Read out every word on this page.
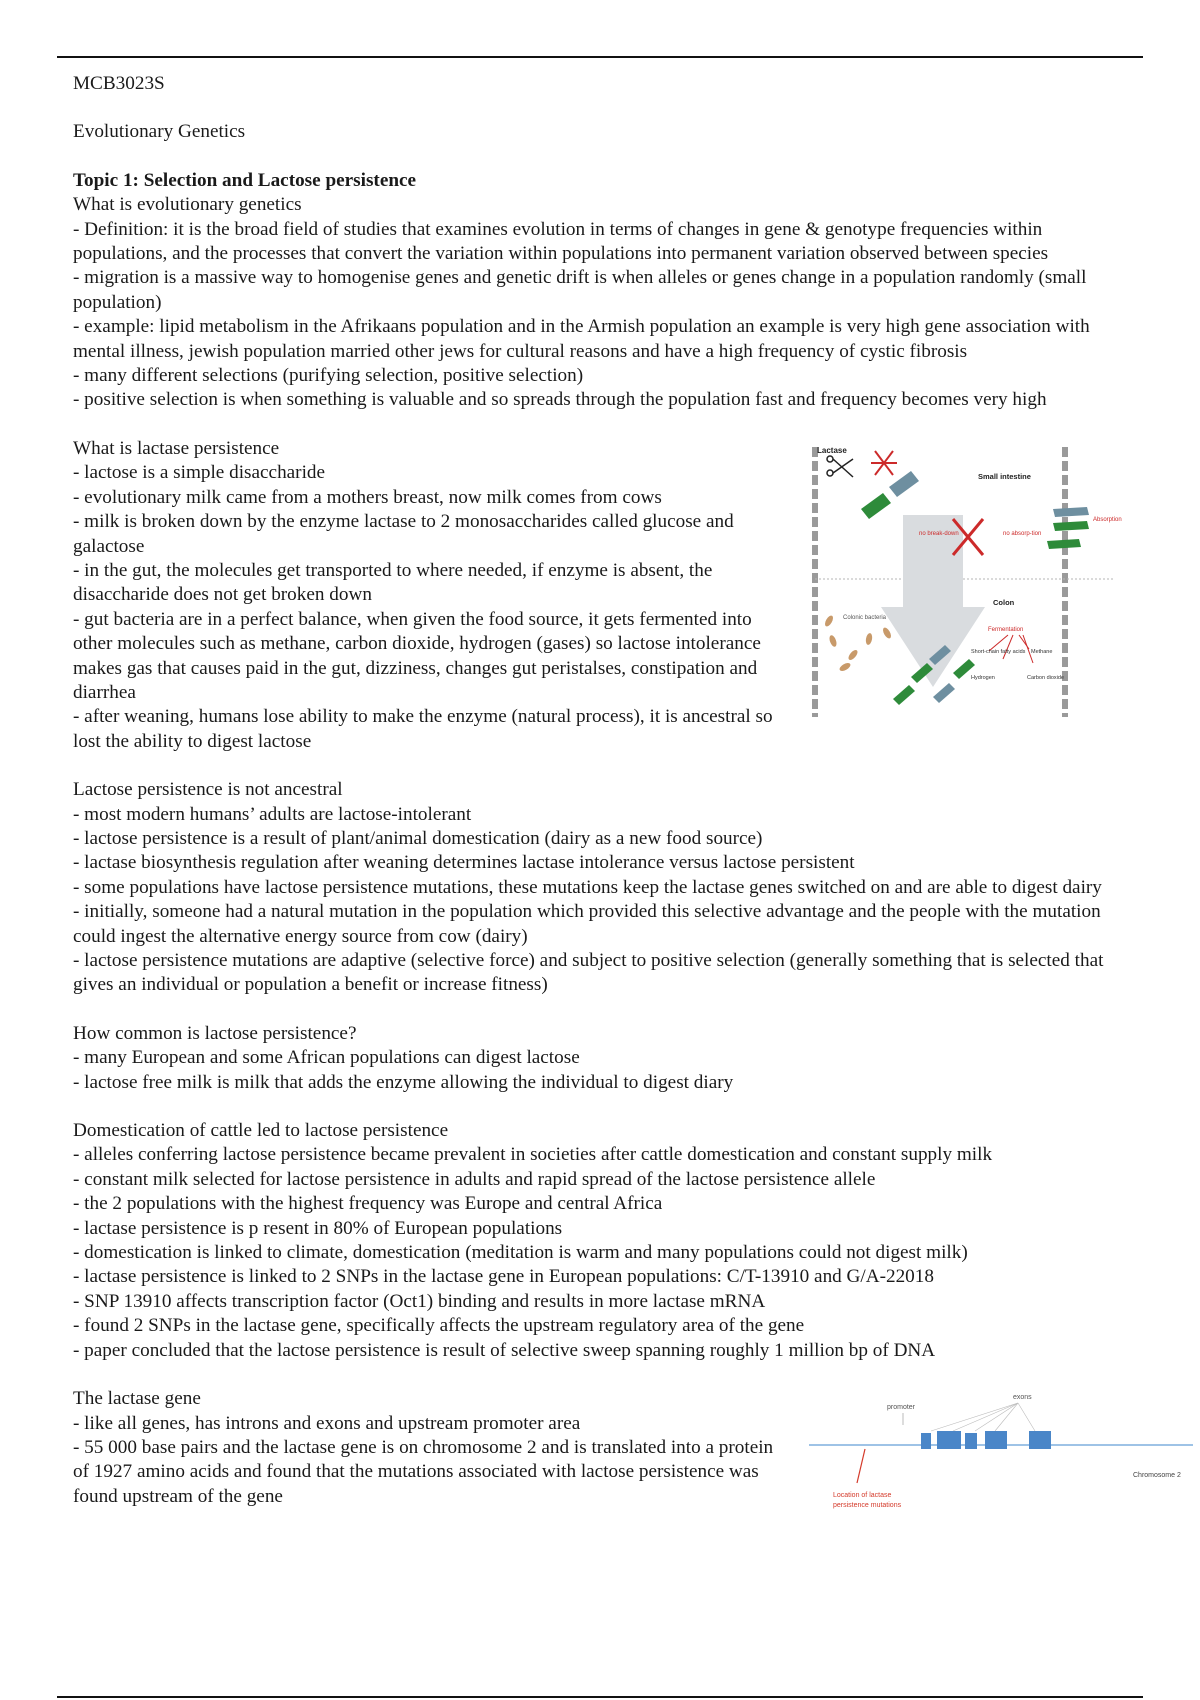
MCB3023S
Evolutionary Genetics
Topic 1: Selection and Lactose persistence
What is evolutionary genetics
- Definition: it is the broad field of studies that examines evolution in terms of changes in gene & genotype frequencies within populations, and the processes that convert the variation within populations into permanent variation observed between species
- migration is a massive way to homogenise genes and genetic drift is when alleles or genes change in a population randomly (small population)
- example: lipid metabolism in the Afrikaans population and in the Armish population an example is very high gene association with mental illness, jewish population married other jews for cultural reasons and have a high frequency of cystic fibrosis
- many different selections (purifying selection, positive selection)
- positive selection is when something is valuable and so spreads through the population fast and frequency becomes very high
What is lactase persistence
- lactose is a simple disaccharide
- evolutionary milk came from a mothers breast, now milk comes from cows
- milk is broken down by the enzyme lactase to 2 monosaccharides called glucose and galactose
- in the gut, the molecules get transported to where needed, if enzyme is absent, the disaccharide does not get broken down
- gut bacteria are in a perfect balance, when given the food source, it gets fermented into other molecules such as methane, carbon dioxide, hydrogen (gases) so lactose intolerance makes gas that causes paid in the gut, dizziness, changes gut peristalses, constipation and diarrhea
- after weaning, humans lose ability to make the enzyme (natural process), it is ancestral so lost the ability to digest lactose
Lactase
no break-down	no absorp-tion
Small intestine
Absorption
Colon
Colonic bacteria
Fermentation
Short-chain fatty acids Methane
Hydrogen	Carbon dioxide
Lactose persistence is not ancestral
- most modern humans’ adults are lactose-intolerant
- lactose persistence is a result of plant/animal domestication (dairy as a new food source)
- lactase biosynthesis regulation after weaning determines lactase intolerance versus lactose persistent
- some populations have lactose persistence mutations, these mutations keep the lactase genes switched on and are able to digest dairy
- initially, someone had a natural mutation in the population which provided this selective advantage and the people with the mutation could ingest the alternative energy source from cow (dairy)
- lactose persistence mutations are adaptive (selective force) and subject to positive selection (generally something that is selected that gives an individual or population a benefit or increase fitness)
How common is lactose persistence?
- many European and some African populations can digest lactose
- lactose free milk is milk that adds the enzyme allowing the individual to digest diary
Domestication of cattle led to lactose persistence
- alleles conferring lactose persistence became prevalent in societies after cattle domestication and constant supply milk
- constant milk selected for lactose persistence in adults and rapid spread of the lactose persistence allele
- the 2 populations with the highest frequency was Europe and central Africa
- lactase persistence is p resent in 80% of European populations
- domestication is linked to climate, domestication (meditation is warm and many populations could not digest milk)
- lactase persistence is linked to 2 SNPs in the lactase gene in European populations: C/T-13910 and G/A-22018
- SNP 13910 affects transcription factor (Oct1) binding and results in more lactase mRNA
- found 2 SNPs in the lactase gene, specifically affects the upstream regulatory area of the gene
- paper concluded that the lactose persistence is result of selective sweep spanning roughly 1 million bp of DNA
The lactase gene
- like all genes, has introns and exons and upstream promoter area
- 55 000 base pairs and the lactase gene is on chromosome 2 and is translated into a protein of 1927 amino acids and found that the mutations associated with lactose persistence was found upstream of the gene
promoter
exons
Chromosome 2
Location of lactase
persistence mutations
